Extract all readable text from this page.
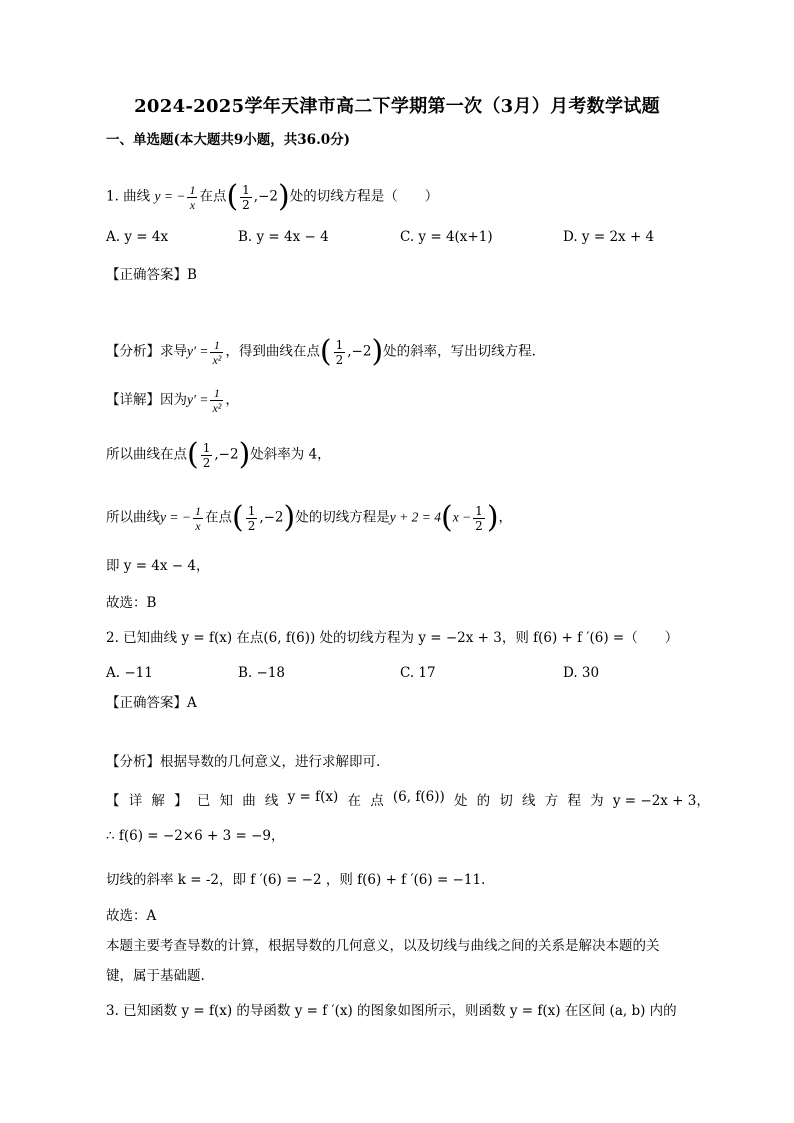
2024-2025学年天津市高二下学期第一次（3月）月考数学试题
一、单选题(本大题共9小题，共36.0分)
1. 曲线 y = − $\frac{1}{x}$ 在点( $\frac{1}{2} ,-2$)处的切线方程是（　　）
A. y = 4x	B. y = 4x − 4	C. y = 4(x+1)	D. y = 2x + 4
【正确答案】B
【分析】求导$y' = \frac{1}{\text{x²}}$ ，得到曲线在点( $\frac{1}{2} ,-2$)处的斜率，写出切线方程.
【详解】因为$y' = \frac{1}{\text{x²}}$ ，
所以曲线在点( $\frac{1}{2} ,-2$)处斜率为 4，
所以曲线y = − $\frac{1}{x}$ 在点( $\frac{1}{2} ,-2$)处的切线方程是$y + 2 = 4(x - \frac{1}{2}$ )，
即 y = 4x − 4，
故选：B
2. 已知曲线 y = f(x) 在点(6, f(6)) 处的切线方程为 y = −2x + 3，则 f(6) + f ′(6) =（　　）
A. −11	B. −18	C. 17	D. 30
【正确答案】A
【分析】根据导数的几何意义，进行求解即可.
【 详 解 】 已 知 曲 线 y = f(x) 在 点 (6, f(6)) 处 的 切 线 方 程 为 y = −2x + 3，
∴ f(6) = −2×6 + 3 = −9，
切线的斜率 k = -2，即 f ′(6) = −2 ，则 f(6) + f ′(6) = −11.
故选：A
本题主要考查导数的计算，根据导数的几何意义，以及切线与曲线之间的关系是解决本题的关
键，属于基础题.
3. 已知函数 y = f(x) 的导函数 y = f ′(x) 的图象如图所示，则函数 y = f(x) 在区间 (a, b) 内的
